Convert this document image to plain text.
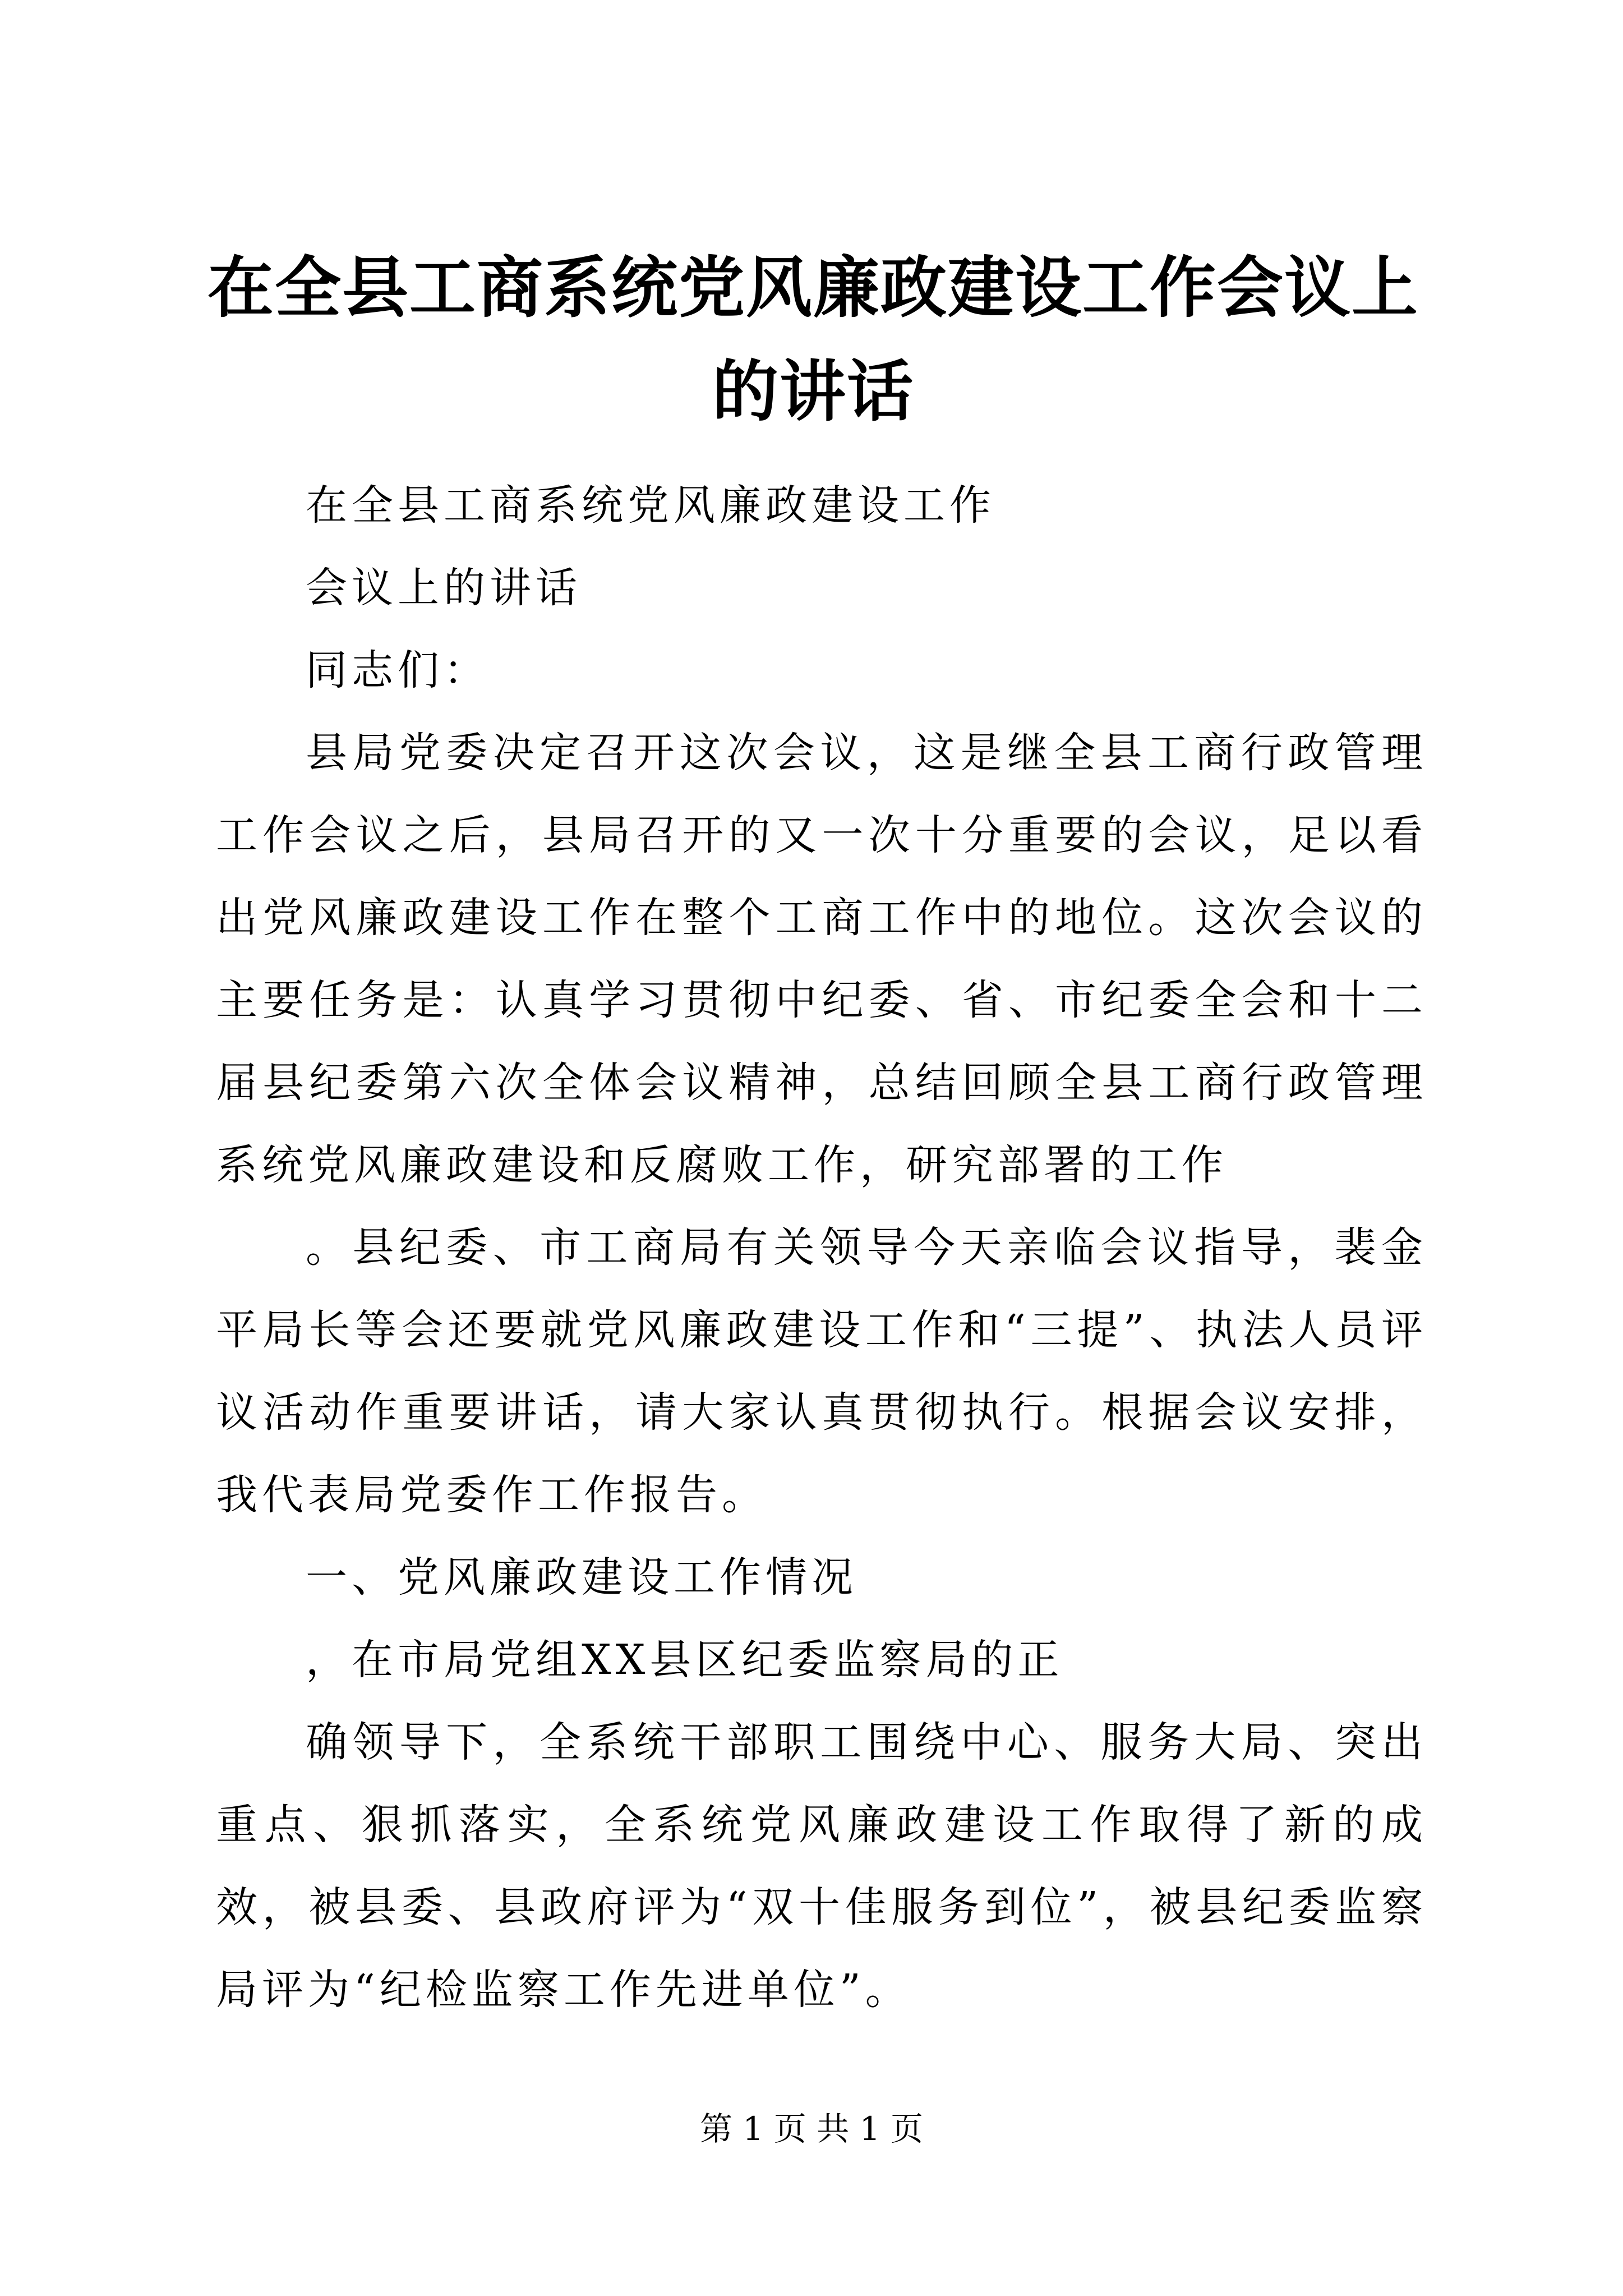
在全县工商系统党风廉政建设工作会议上的讲话

在全县工商系统党风廉政建设工作

会议上的讲话

同志们：

县局党委决定召开这次会议，这是继全县工商行政管理工作会议之后，县局召开的又一次十分重要的会议，足以看出党风廉政建设工作在整个工商工作中的地位。这次会议的主要任务是：认真学习贯彻中纪委、省、市纪委全会和十二届县纪委第六次全体会议精神，总结回顾全县工商行政管理系统党风廉政建设和反腐败工作，研究部署的工作

。县纪委、市工商局有关领导今天亲临会议指导，裴金平局长等会还要就党风廉政建设工作和“三提”、执法人员评议活动作重要讲话，请大家认真贯彻执行。根据会议安排，我代表局党委作工作报告。

一、党风廉政建设工作情况

，在市局党组XX县区纪委监察局的正

确领导下，全系统干部职工围绕中心、服务大局、突出重点、狠抓落实，全系统党风廉政建设工作取得了新的成效，被县委、县政府评为“双十佳服务到位”，被县纪委监察局评为“纪检监察工作先进单位”。

第 1 页 共 1 页
